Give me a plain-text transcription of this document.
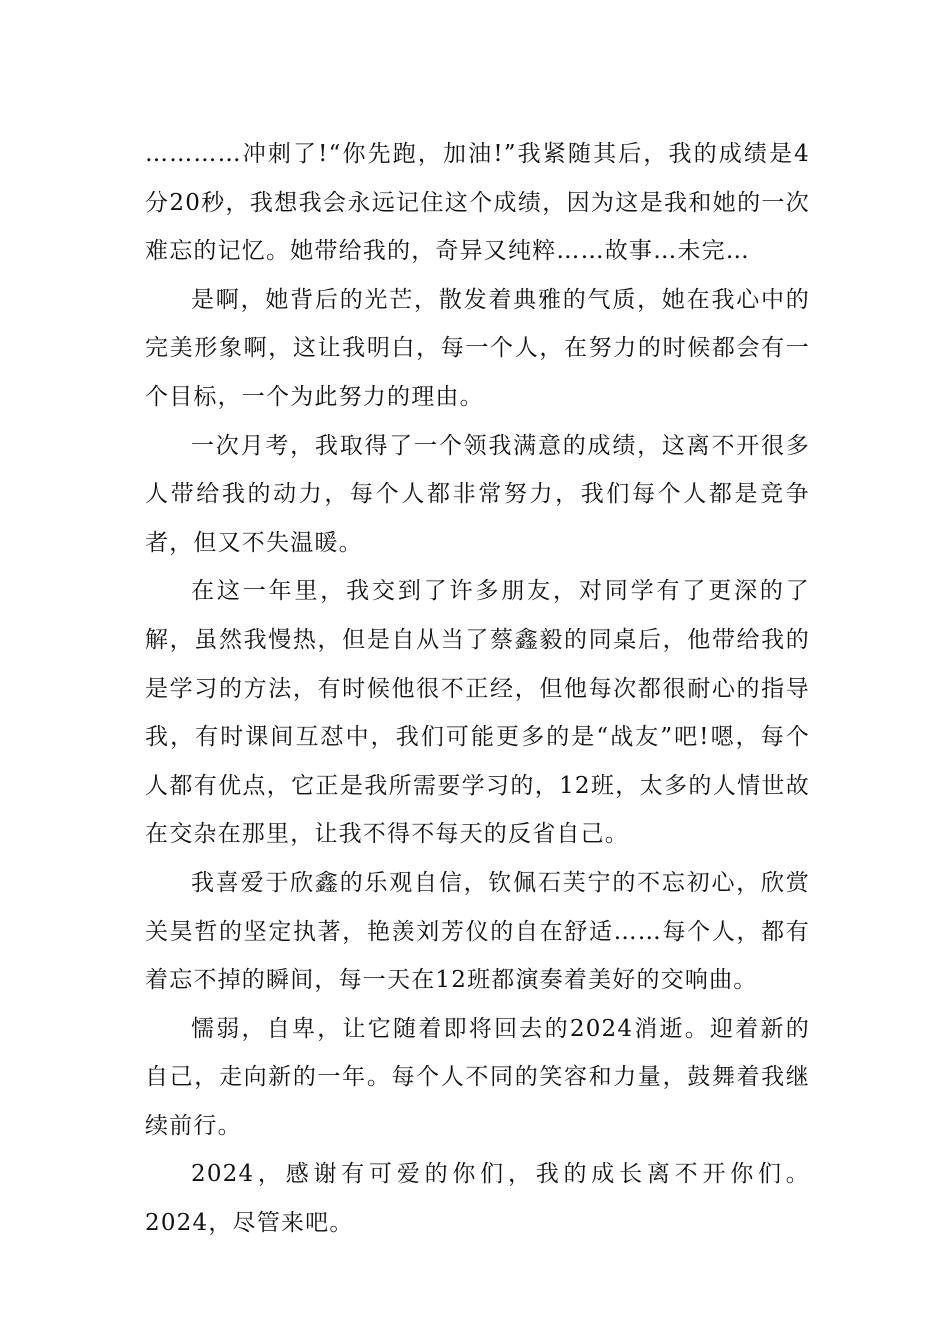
…………冲刺了!“你先跑，加油!”我紧随其后，我的成绩是4分20秒，我想我会永远记住这个成绩，因为这是我和她的一次难忘的记忆。她带给我的，奇异又纯粹……故事…未完…

是啊，她背后的光芒，散发着典雅的气质，她在我心中的完美形象啊，这让我明白，每一个人，在努力的时候都会有一个目标，一个为此努力的理由。

一次月考，我取得了一个领我满意的成绩，这离不开很多人带给我的动力，每个人都非常努力，我们每个人都是竞争者，但又不失温暖。

在这一年里，我交到了许多朋友，对同学有了更深的了解，虽然我慢热，但是自从当了蔡鑫毅的同桌后，他带给我的是学习的方法，有时候他很不正经，但他每次都很耐心的指导我，有时课间互怼中，我们可能更多的是“战友”吧!嗯，每个人都有优点，它正是我所需要学习的，12班，太多的人情世故在交杂在那里，让我不得不每天的反省自己。

我喜爱于欣鑫的乐观自信，钦佩石芙宁的不忘初心，欣赏关昊哲的坚定执著，艳羡刘芳仪的自在舒适……每个人，都有着忘不掉的瞬间，每一天在12班都演奏着美好的交响曲。

懦弱，自卑，让它随着即将回去的2024消逝。迎着新的自己，走向新的一年。每个人不同的笑容和力量，鼓舞着我继续前行。

2024，感谢有可爱的你们，我的成长离不开你们。2024，尽管来吧。
